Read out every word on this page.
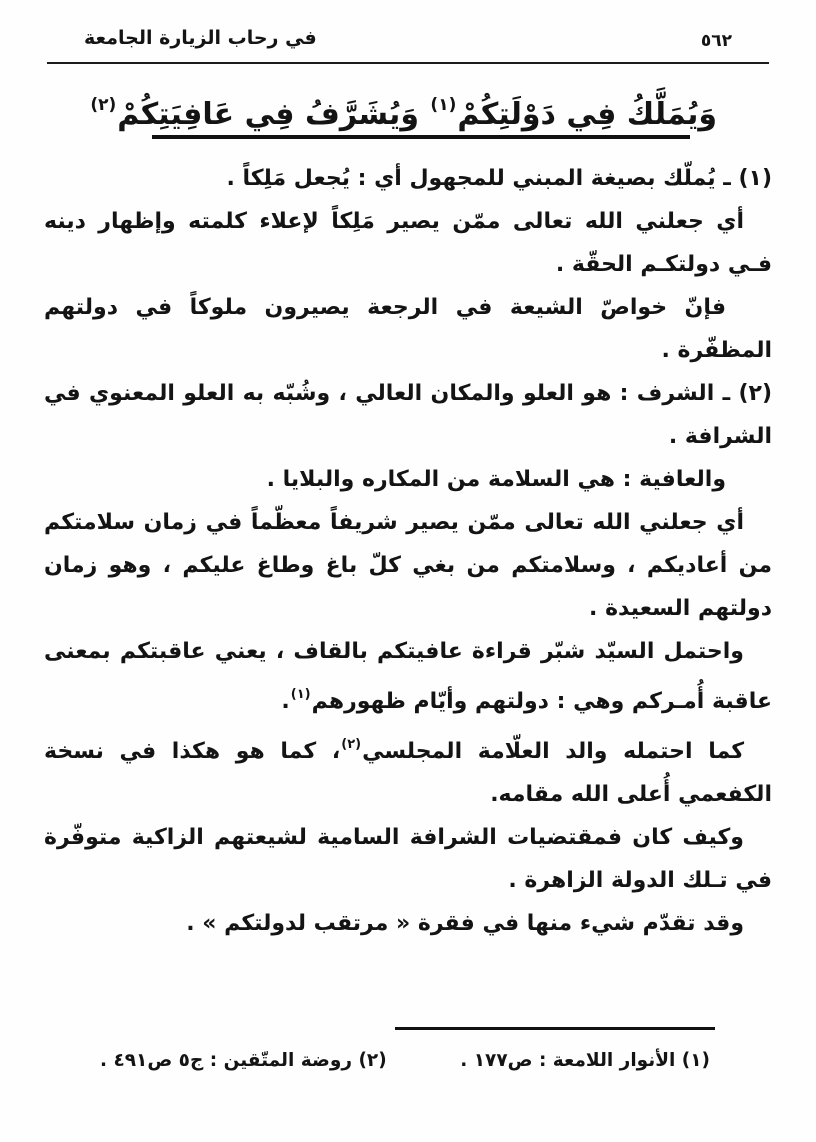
٥٦٢
في رحاب الزيارة الجامعة
وَيُمَلَّكُ فِي دَوْلَتِكُمْ$^{(١)}$ وَيُشَرَّفُ فِي عَافِيَتِكُمْ$^{(٢)}$

(١) ـ يُملّك بصيغة المبني للمجهول أي : يُجعل مَلِكاً .

أي جعلني الله تعالى ممّن يصير مَلِكاً لإعلاء كلمته وإظهار دينه فـي دولتكـم الحقّة .

فإنّ خواصّ الشيعة في الرجعة يصيرون ملوكاً في دولتهم المظفّرة .

(٢) ـ الشرف : هو العلو والمكان العالي ، وشُبّه به العلو المعنوي في الشرافة .

والعافية : هي السلامة من المكاره والبلايا .

أي جعلني الله تعالى ممّن يصير شريفاً معظّماً في زمان سلامتكم من أعاديكم ، وسلامتكم من بغي كلّ باغ وطاغ عليكم ، وهو زمان دولتهم السعيدة .

واحتمل السيّد شبّر قراءة عافيتكم بالقاف ، يعني عاقبتكم بمعنى عاقبة أُمـركم وهي : دولتهم وأيّام ظهورهم$^{(١)}$.

كما احتمله والد العلّامة المجلسي$^{(٢)}$، كما هو هكذا في نسخة الكفعمي أُعلى الله مقامه.

وكيف كان فمقتضيات الشرافة السامية لشيعتهم الزاكية متوفّرة في تـلك الدولة الزاهرة .

وقد تقدّم شيء منها في فقرة « مرتقب لدولتكم » .

(١) الأنوار اللامعة : ص١٧٧ .
(٢) روضة المتّقين : ج٥ ص٤٩١ .
